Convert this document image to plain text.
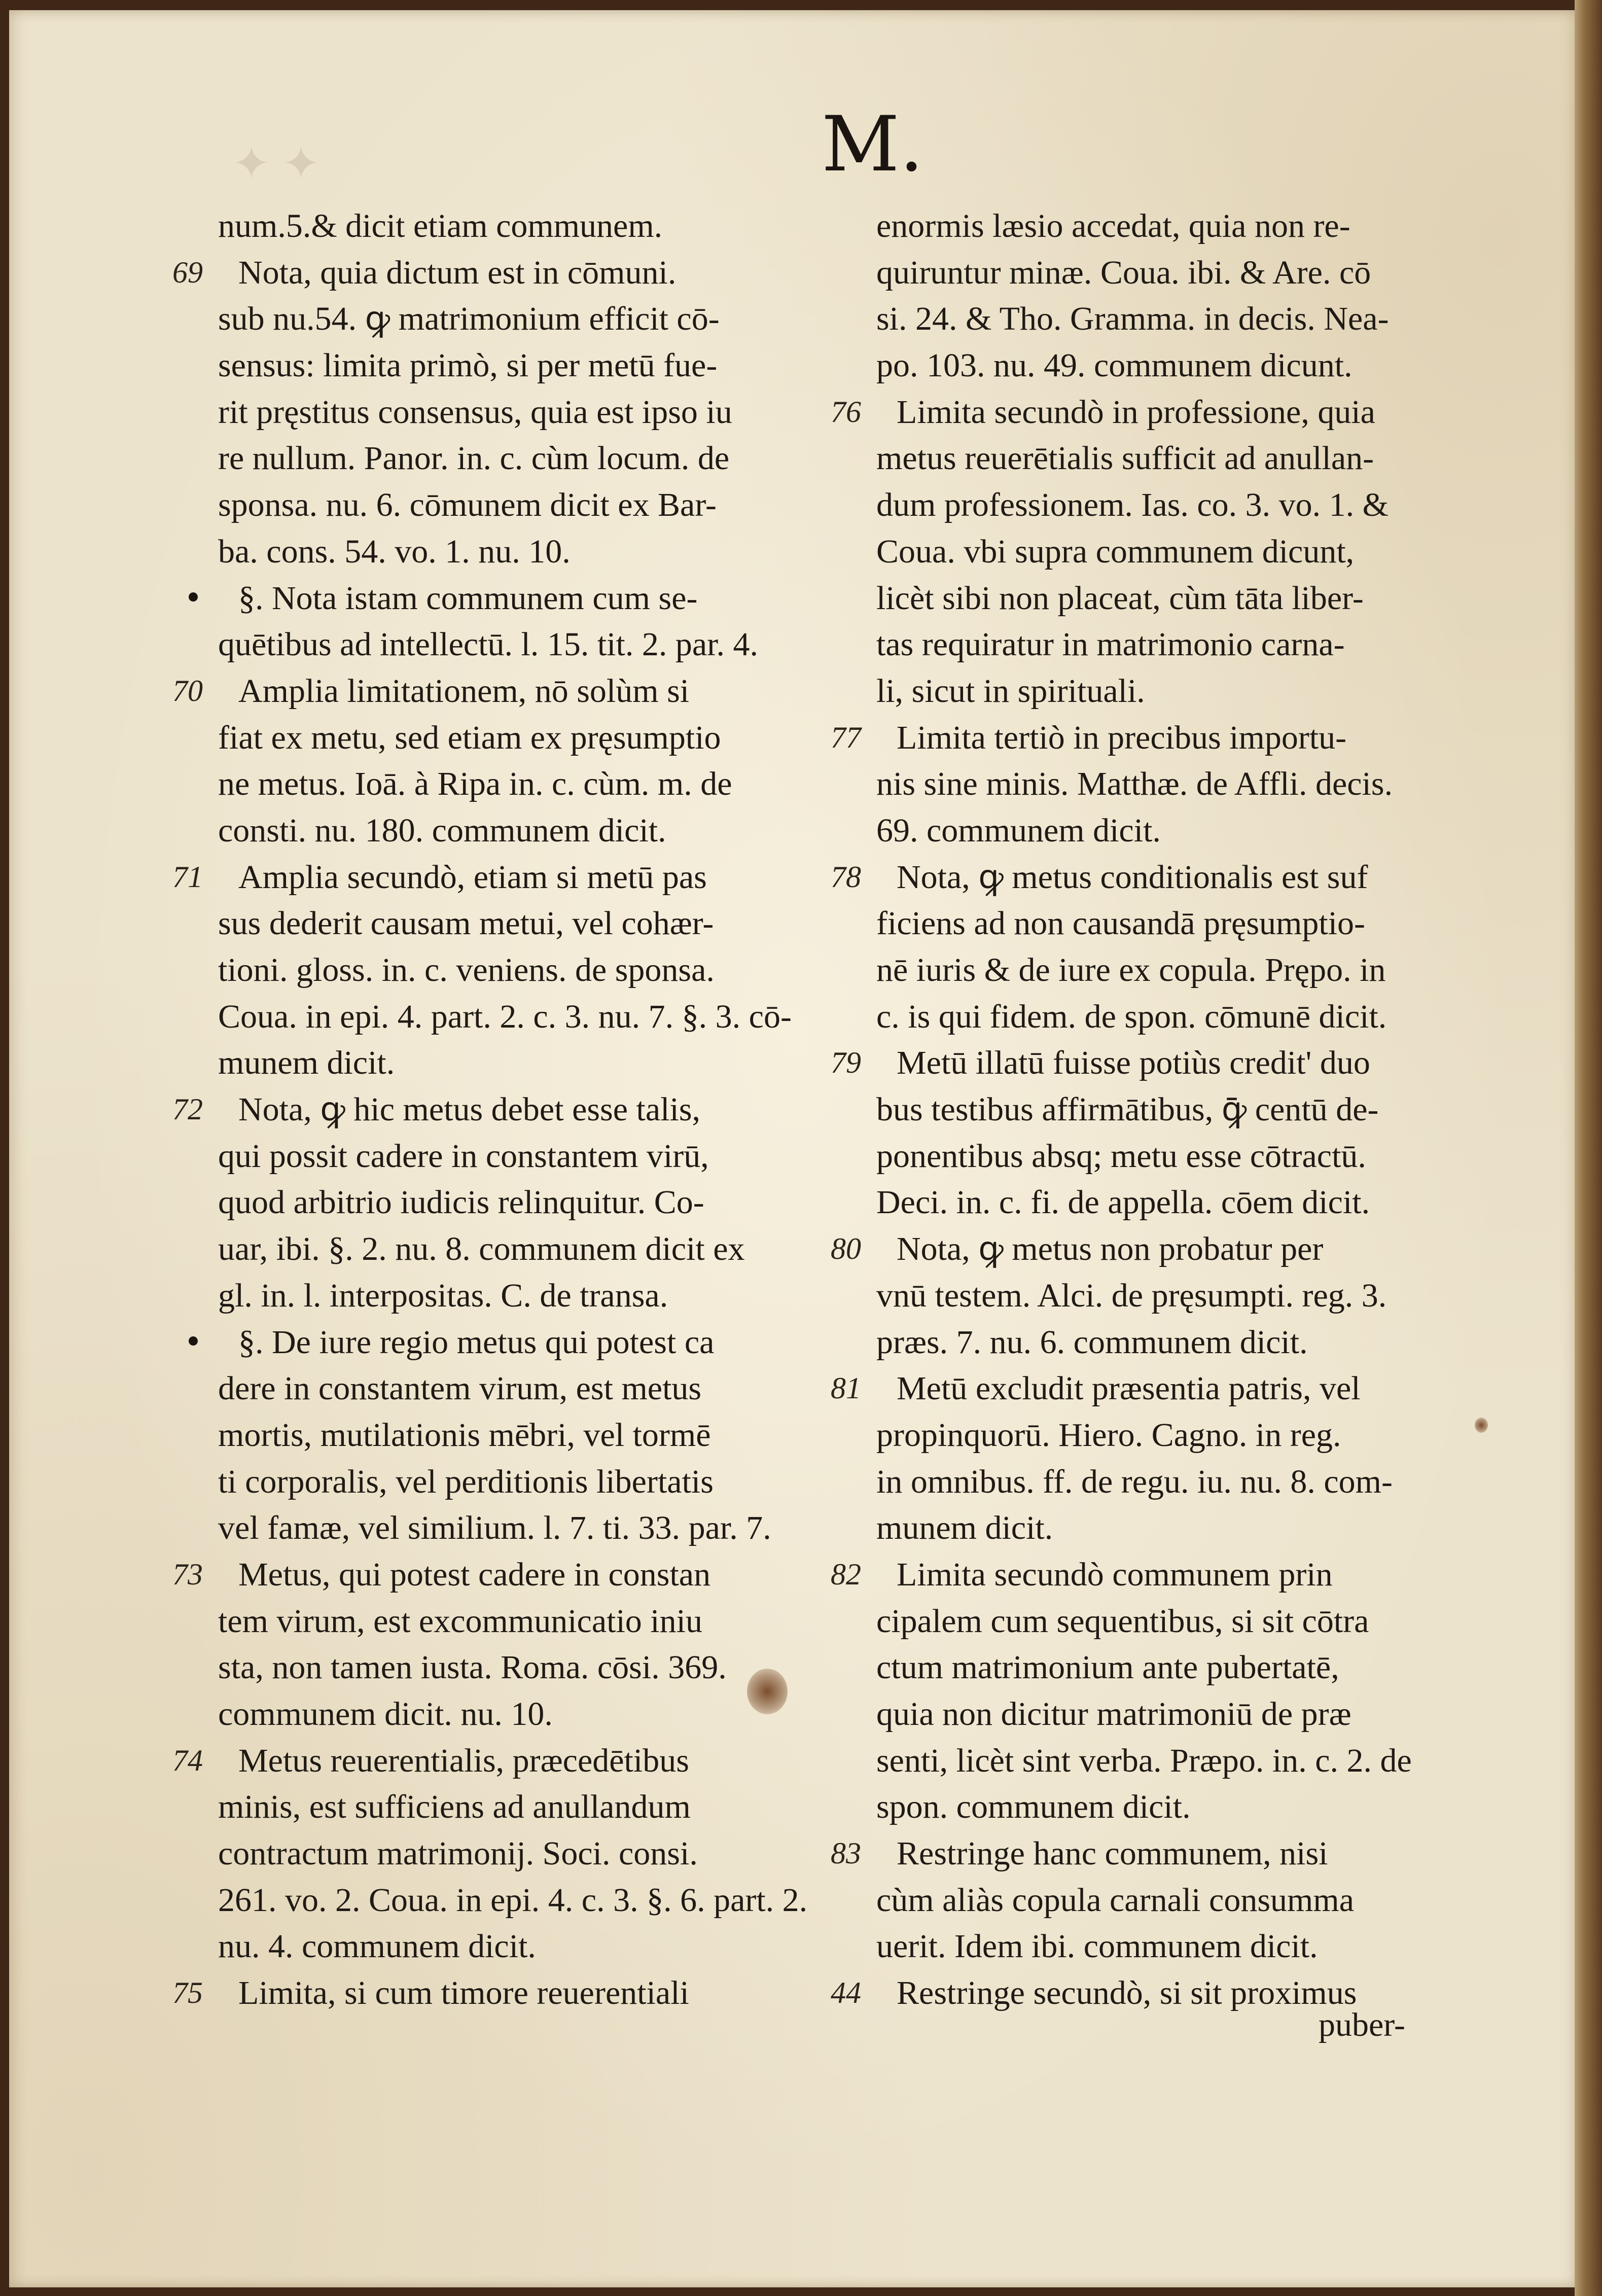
✦ ✦	M.
num.5.& dicit etiam communem.
69	Nota, quia dictum est in cōmuni.
sub nu.54. ꝙ matrimonium efficit cō-
sensus: limita primò, si per metū fue-
rit pręstitus consensus, quia est ipso iu
re nullum. Panor. in. c. cùm locum. de
sponsa. nu. 6. cōmunem dicit ex Bar-
ba. cons. 54. vo. 1. nu. 10.
§. Nota istam communem cum se-
quētibus ad intellectū. l. 15. tit. 2. par. 4.
70	Amplia limitationem, nō solùm si
fiat ex metu, sed etiam ex pręsumptio
ne metus. Ioā. à Ripa in. c. cùm. m. de
consti. nu. 180. communem dicit.
71	Amplia secundò, etiam si metū pas
sus dederit causam metui, vel cohær-
tioni. gloss. in. c. veniens. de sponsa.
Coua. in epi. 4. part. 2. c. 3. nu. 7. §. 3. cō-
munem dicit.
72	Nota, ꝙ hic metus debet esse talis,
qui possit cadere in constantem virū,
quod arbitrio iudicis relinquitur. Co-
uar, ibi. §. 2. nu. 8. communem dicit ex
gl. in. l. interpositas. C. de transa.
§. De iure regio metus qui potest ca
dere in constantem virum, est metus
mortis, mutilationis mēbri, vel tormē
ti corporalis, vel perditionis libertatis
vel famæ, vel similium. l. 7. ti. 33. par. 7.
73	Metus, qui potest cadere in constan
tem virum, est excommunicatio iniu
sta, non tamen iusta. Roma. cōsi. 369.
communem dicit. nu. 10.
74	Metus reuerentialis, præcedētibus
minis, est sufficiens ad anullandum
contractum matrimonij. Soci. consi.
261. vo. 2. Coua. in epi. 4. c. 3. §. 6. part. 2.
nu. 4. communem dicit.
75	Limita, si cum timore reuerentiali
enormis læsio accedat, quia non re-
quiruntur minæ. Coua. ibi. & Are. cō
si. 24. & Tho. Gramma. in decis. Nea-
po. 103. nu. 49. communem dicunt.
76	Limita secundò in professione, quia
metus reuerētialis sufficit ad anullan-
dum professionem. Ias. co. 3. vo. 1. &
Coua. vbi supra communem dicunt,
licèt sibi non placeat, cùm tāta liber-
tas requiratur in matrimonio carna-
li, sicut in spirituali.
77	Limita tertiò in precibus importu-
nis sine minis. Matthæ. de Affli. decis.
69. communem dicit.
78	Nota, ꝙ metus conditionalis est suf
ficiens ad non causandā pręsumptio-
nē iuris & de iure ex copula. Prępo. in
c. is qui fidem. de spon. cōmunē dicit.
79	Metū illatū fuisse potiùs credit' duo
bus testibus affirmātibus, ꝙ̄ centū de-
ponentibus absq; metu esse cōtractū.
Deci. in. c. fi. de appella. cōem dicit.
80	Nota, ꝙ metus non probatur per
vnū testem. Alci. de pręsumpti. reg. 3.
præs. 7. nu. 6. communem dicit.
81	Metū excludit præsentia patris, vel
propinquorū. Hiero. Cagno. in reg.
in omnibus. ff. de regu. iu. nu. 8. com-
munem dicit.
82	Limita secundò communem prin
cipalem cum sequentibus, si sit cōtra
ctum matrimonium ante pubertatē,
quia non dicitur matrimoniū de præ
senti, licèt sint verba. Præpo. in. c. 2. de
spon. communem dicit.
83	Restringe hanc communem, nisi
cùm aliàs copula carnali consumma
uerit. Idem ibi. communem dicit.
44	Restringe secundò, si sit proximus
puber-
